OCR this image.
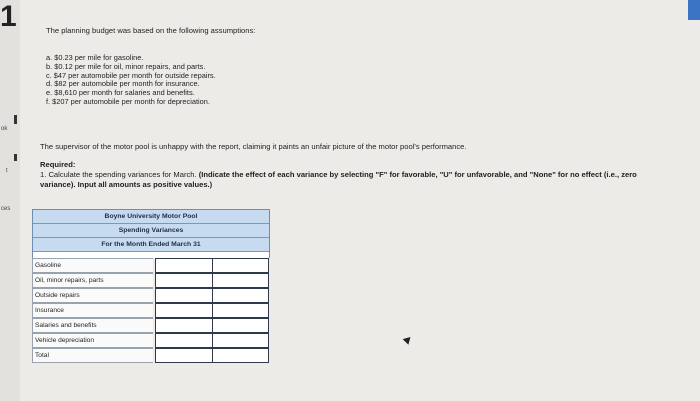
1
ok
t
ces
The planning budget was based on the following assumptions:
a. $0.23 per mile for gasoline.
b. $0.12 per mile for oil, minor repairs, and parts.
c. $47 per automobile per month for outside repairs.
d. $82 per automobile per month for insurance.
e. $8,610 per month for salaries and benefits.
f. $207 per automobile per month for depreciation.
The supervisor of the motor pool is unhappy with the report, claiming it paints an unfair picture of the motor pool's performance.
Required:
1. Calculate the spending variances for March. (Indicate the effect of each variance by selecting "F" for favorable, "U" for unfavorable, and "None" for no effect (i.e., zero variance). Input all amounts as positive values.)
Boyne University Motor Pool
Spending Variances
For the Month Ended March 31
Gasoline
Oil, minor repairs, parts
Outside repairs
Insurance
Salaries and benefits
Vehicle depreciation
Total
